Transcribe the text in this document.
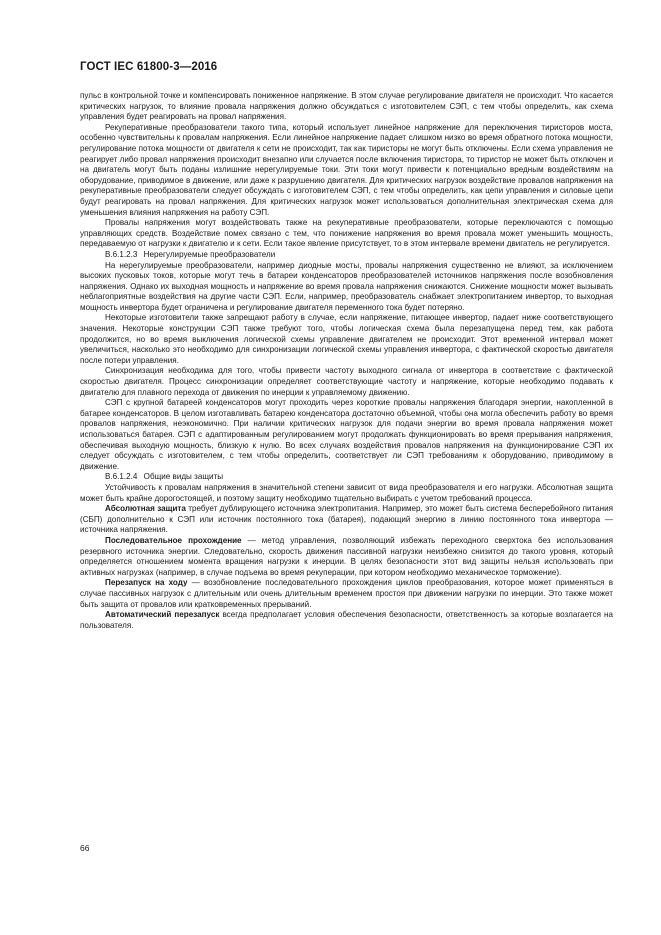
ГОСТ IEC 61800-3—2016

пульс в контрольной точке и компенсировать пониженное напряжение. В этом случае регулирование двигателя не происходит. Что касается критических нагрузок, то влияние провала напряжения должно обсуждаться с изготовителем СЭП, с тем чтобы определить, как схема управления будет реагировать на провал напряжения.

Рекуперативные преобразователи такого типа, который использует линейное напряжение для переключения тиристоров моста, особенно чувствительны к провалам напряжения. Если линейное напряжение падает слишком низко во время обратного потока мощности, регулирование потока мощности от двигателя к сети не происходит, так как тиристоры не могут быть отключены. Если схема управления не реагирует либо провал напряжения происходит внезапно или случается после включения тиристора, то тиристор не может быть отключен и на двигатель могут быть поданы излишние нерегулируемые токи. Эти токи могут привести к потенциально вредным воздействиям на оборудование, приводимое в движение, или даже к разрушению двигателя. Для критических нагрузок воздействие провалов напряжения на рекуперативные преобразователи следует обсуждать с изготовителем СЭП, с тем чтобы определить, как цепи управления и силовые цепи будут реагировать на провал напряжения. Для критических нагрузок может использоваться дополнительная электрическая схема для уменьшения влияния напряжения на работу СЭП.

Провалы напряжения могут воздействовать также на рекуперативные преобразователи, которые переключаются с помощью управляющих средств. Воздействие помех связано с тем, что понижение напряжения во время провала может уменьшить мощность, передаваемую от нагрузки к двигателю и к сети. Если такое явление присутствует, то в этом интервале времени двигатель не регулируется.

B.6.1.2.3 Нерегулируемые преобразователи

На нерегулируемые преобразователи, например диодные мосты, провалы напряжения существенно не влияют, за исключением высоких пусковых токов, которые могут течь в батареи конденсаторов преобразователей источников напряжения после возобновления напряжения. Однако их выходная мощность и напряжение во время провала напряжения снижаются. Снижение мощности может вызывать неблагоприятные воздействия на другие части СЭП. Если, например, преобразователь снабжает электропитанием инвертор, то выходная мощность инвертора будет ограничена и регулирование двигателя переменного тока будет потеряно.

Некоторые изготовители также запрещают работу в случае, если напряжение, питающее инвертор, падает ниже соответствующего значения. Некоторые конструкции СЭП также требуют того, чтобы логическая схема была перезапущена перед тем, как работа продолжится, но во время выключения логической схемы управление двигателем не происходит. Этот временной интервал может увеличиться, насколько это необходимо для синхронизации логической схемы управления инвертора, с фактической скоростью двигателя после потери управления.

Синхронизация необходима для того, чтобы привести частоту выходного сигнала от инвертора в соответствие с фактической скоростью двигателя. Процесс синхронизации определяет соответствующие частоту и напряжение, которые необходимо подавать к двигателю для плавного перехода от движения по инерции к управляемому движению.

СЭП с крупной батареей конденсаторов могут проходить через короткие провалы напряжения благодаря энергии, накопленной в батарее конденсаторов. В целом изготавливать батарею конденсатора достаточно объемной, чтобы она могла обеспечить работу во время провалов напряжения, неэкономично. При наличии критических нагрузок для подачи энергии во время провала напряжения может использоваться батарея. СЭП с адаптированным регулированием могут продолжать функционировать во время прерывания напряжения, обеспечивая выходную мощность, близкую к нулю. Во всех случаях воздействия провалов напряжения на функционирование СЭП их следует обсуждать с изготовителем, с тем чтобы определить, соответствует ли СЭП требованиям к оборудованию, приводимому в движение.

B.6.1.2.4 Общие виды защиты

Устойчивость к провалам напряжения в значительной степени зависит от вида преобразователя и его нагрузки. Абсолютная защита может быть крайне дорогостоящей, и поэтому защиту необходимо тщательно выбирать с учетом требований процесса.

Абсолютная защита требует дублирующего источника электропитания. Например, это может быть система бесперебойного питания (СБП) дополнительно к СЭП или источник постоянного тока (батарея), подающий энергию в линию постоянного тока инвертора — источника напряжения.

Последовательное прохождение — метод управления, позволяющий избежать переходного сверхтока без использования резервного источника энергии. Следовательно, скорость движения пассивной нагрузки неизбежно снизится до такого уровня, который определяется отношением момента вращения нагрузки к инерции. В целях безопасности этот вид защиты нельзя использовать при активных нагрузках (например, в случае подъема во время рекуперации, при котором необходимо механическое торможение).

Перезапуск на ходу — возобновление последовательного прохождения циклов преобразования, которое может применяться в случае пассивных нагрузок с длительным или очень длительным временем простоя при движении нагрузки по инерции. Это также может быть защита от провалов или кратковременных прерываний.

Автоматический перезапуск всегда предполагает условия обеспечения безопасности, ответственность за которые возлагается на пользователя.

66
